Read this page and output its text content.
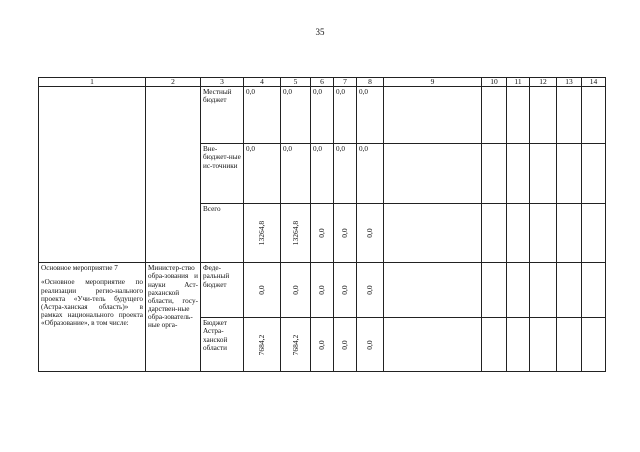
35
1	2	3	4	5	6	7	8	9	10	11	12	13	14
		Местный бюджет	0,0	0,0	0,0	0,0	0,0						
		Вне-бюджет-ные ис-точники	0,0	0,0	0,0	0,0	0,0						
		Всего	13264,8	13264,8	0,0	0,0	0,0						

Основное мероприятие 7

«Основное мероприятие по реализации регио-нального проекта «Учи-тель будущего (Астра-ханская область)» в рамках национального проекта «Образование», в том числе:	Министер-ство обра-зования и науки Аст-раханской области, госу-дарствен-ные обра-зователь-ные орга-	Феде-ральный бюджет	0,0	0,0	0,0	0,0	0,0						

		Бюджет Астра-ханской области	7684,2	7684,2	0,0	0,0	0,0						
